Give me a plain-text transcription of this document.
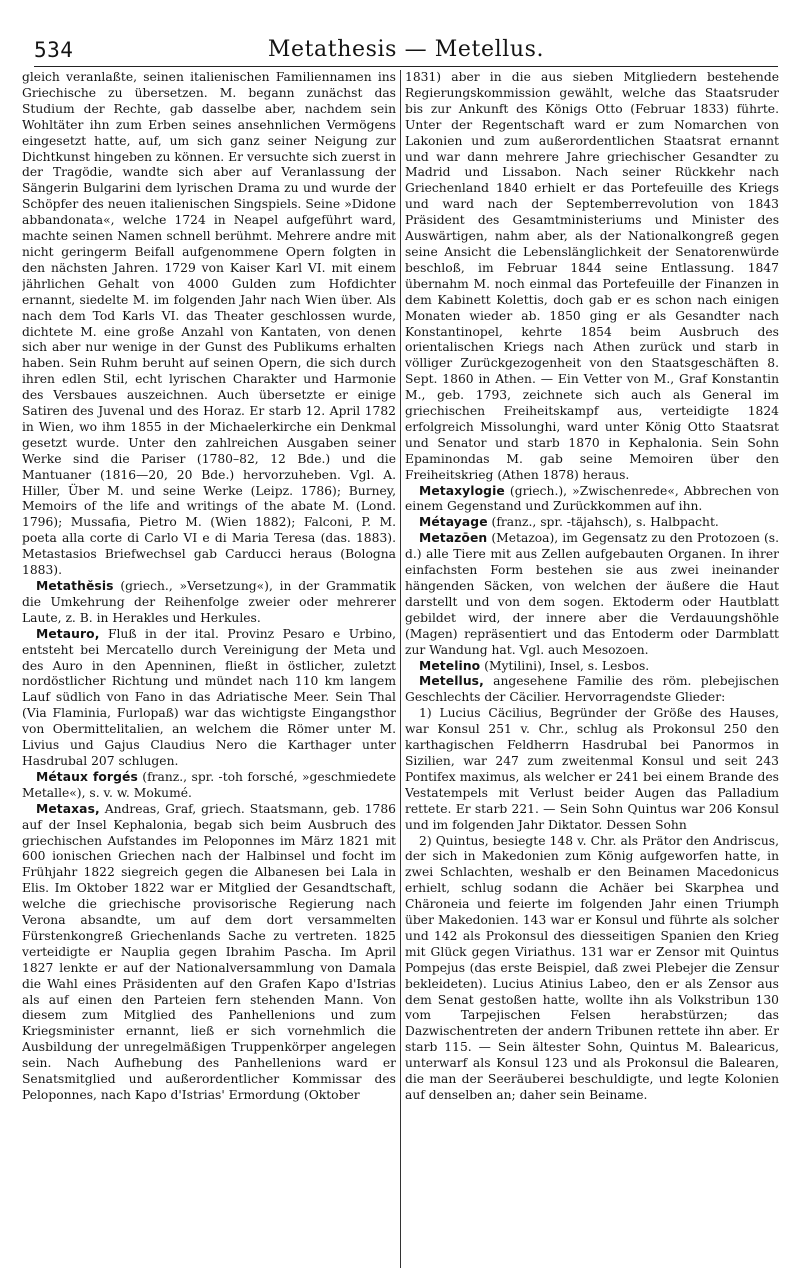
534	Metathesis — Metellus.

gleich veranlaßte, seinen italienischen Familiennamen ins Griechische zu übersetzen. M. begann zunächst das Studium der Rechte, gab dasselbe aber, nachdem sein Wohltäter ihn zum Erben seines ansehnlichen Vermögens eingesetzt hatte, auf, um sich ganz seiner Neigung zur Dichtkunst hingeben zu können. Er versuchte sich zuerst in der Tragödie, wandte sich aber auf Veranlassung der Sängerin Bulgarini dem lyrischen Drama zu und wurde der Schöpfer des neuen italienischen Singspiels. Seine »Didone abbandonata«, welche 1724 in Neapel aufgeführt ward, machte seinen Namen schnell berühmt. Mehrere andre mit nicht geringerm Beifall aufgenommene Opern folgten in den nächsten Jahren. 1729 von Kaiser Karl VI. mit einem jährlichen Gehalt von 4000 Gulden zum Hofdichter ernannt, siedelte M. im folgenden Jahr nach Wien über. Als nach dem Tod Karls VI. das Theater geschlossen wurde, dichtete M. eine große Anzahl von Kantaten, von denen sich aber nur wenige in der Gunst des Publikums erhalten haben. Sein Ruhm beruht auf seinen Opern, die sich durch ihren edlen Stil, echt lyrischen Charakter und Harmonie des Versbaues auszeichnen. Auch übersetzte er einige Satiren des Juvenal und des Horaz. Er starb 12. April 1782 in Wien, wo ihm 1855 in der Michaelerkirche ein Denkmal gesetzt wurde. Unter den zahlreichen Ausgaben seiner Werke sind die Pariser (1780–82, 12 Bde.) und die Mantuaner (1816—20, 20 Bde.) hervorzuheben. Vgl. A. Hiller, Über M. und seine Werke (Leipz. 1786); Burney, Memoirs of the life and writings of the abate M. (Lond. 1796); Mussafia, Pietro M. (Wien 1882); Falconi, P. M. poeta alla corte di Carlo VI e di Maria Teresa (das. 1883). Metastasios Briefwechsel gab Carducci heraus (Bologna 1883).

Metathĕsis (griech., »Versetzung«), in der Grammatik die Umkehrung der Reihenfolge zweier oder mehrerer Laute, z. B. in Herakles und Herkules.

Metauro, Fluß in der ital. Provinz Pesaro e Urbino, entsteht bei Mercatello durch Vereinigung der Meta und des Auro in den Apenninen, fließt in östlicher, zuletzt nordöstlicher Richtung und mündet nach 110 km langem Lauf südlich von Fano in das Adriatische Meer. Sein Thal (Via Flaminia, Furlopaß) war das wichtigste Eingangsthor von Obermittelitalien, an welchem die Römer unter M. Livius und Gajus Claudius Nero die Karthager unter Hasdrubal 207 schlugen.

Métaux forgés (franz., spr. -toh forsché, »geschmiedete Metalle«), s. v. w. Mokumé.

Metaxas, Andreas, Graf, griech. Staatsmann, geb. 1786 auf der Insel Kephalonia, begab sich beim Ausbruch des griechischen Aufstandes im Peloponnes im März 1821 mit 600 ionischen Griechen nach der Halbinsel und focht im Frühjahr 1822 siegreich gegen die Albanesen bei Lala in Elis. Im Oktober 1822 war er Mitglied der Gesandtschaft, welche die griechische provisorische Regierung nach Verona absandte, um auf dem dort versammelten Fürstenkongreß Griechenlands Sache zu vertreten. 1825 verteidigte er Nauplia gegen Ibrahim Pascha. Im April 1827 lenkte er auf der Nationalversammlung von Damala die Wahl eines Präsidenten auf den Grafen Kapo d'Istrias als auf einen den Parteien fern stehenden Mann. Von diesem zum Mitglied des Panhellenions und zum Kriegsminister ernannt, ließ er sich vornehmlich die Ausbildung der unregelmäßigen Truppenkörper angelegen sein. Nach Aufhebung des Panhellenions ward er Senatsmitglied und außerordentlicher Kommissar des Peloponnes, nach Kapo d'Istrias' Ermordung (Oktober

1831) aber in die aus sieben Mitgliedern bestehende Regierungskommission gewählt, welche das Staatsruder bis zur Ankunft des Königs Otto (Februar 1833) führte. Unter der Regentschaft ward er zum Nomarchen von Lakonien und zum außerordentlichen Staatsrat ernannt und war dann mehrere Jahre griechischer Gesandter zu Madrid und Lissabon. Nach seiner Rückkehr nach Griechenland 1840 erhielt er das Portefeuille des Kriegs und ward nach der Septemberrevolution von 1843 Präsident des Gesamtministeriums und Minister des Auswärtigen, nahm aber, als der Nationalkongreß gegen seine Ansicht die Lebenslänglichkeit der Senatorenwürde beschloß, im Februar 1844 seine Entlassung. 1847 übernahm M. noch einmal das Portefeuille der Finanzen in dem Kabinett Kolettis, doch gab er es schon nach einigen Monaten wieder ab. 1850 ging er als Gesandter nach Konstantinopel, kehrte 1854 beim Ausbruch des orientalischen Kriegs nach Athen zurück und starb in völliger Zurückgezogenheit von den Staatsgeschäften 8. Sept. 1860 in Athen. — Ein Vetter von M., Graf Konstantin M., geb. 1793, zeichnete sich auch als General im griechischen Freiheitskampf aus, verteidigte 1824 erfolgreich Missolunghi, ward unter König Otto Staatsrat und Senator und starb 1870 in Kephalonia. Sein Sohn Epaminondas M. gab seine Memoiren über den Freiheitskrieg (Athen 1878) heraus.

Metaxylogie (griech.), »Zwischenrede«, Abbrechen von einem Gegenstand und Zurückkommen auf ihn.

Métayage (franz., spr. -täjahsch), s. Halbpacht.

Metazōen (Metazoa), im Gegensatz zu den Protozoen (s. d.) alle Tiere mit aus Zellen aufgebauten Organen. In ihrer einfachsten Form bestehen sie aus zwei ineinander hängenden Säcken, von welchen der äußere die Haut darstellt und von dem sogen. Ektoderm oder Hautblatt gebildet wird, der innere aber die Verdauungshöhle (Magen) repräsentiert und das Entoderm oder Darmblatt zur Wandung hat. Vgl. auch Mesozoen.

Metelino (Mytilini), Insel, s. Lesbos.

Metellus, angesehene Familie des röm. plebejischen Geschlechts der Cäcilier. Hervorragendste Glieder:

1) Lucius Cäcilius, Begründer der Größe des Hauses, war Konsul 251 v. Chr., schlug als Prokonsul 250 den karthagischen Feldherrn Hasdrubal bei Panormos in Sizilien, war 247 zum zweitenmal Konsul und seit 243 Pontifex maximus, als welcher er 241 bei einem Brande des Vestatempels mit Verlust beider Augen das Palladium rettete. Er starb 221. — Sein Sohn Quintus war 206 Konsul und im folgenden Jahr Diktator. Dessen Sohn

2) Quintus, besiegte 148 v. Chr. als Prätor den Andriscus, der sich in Makedonien zum König aufgeworfen hatte, in zwei Schlachten, weshalb er den Beinamen Macedonicus erhielt, schlug sodann die Achäer bei Skarphea und Chäroneia und feierte im folgenden Jahr einen Triumph über Makedonien. 143 war er Konsul und führte als solcher und 142 als Prokonsul des diesseitigen Spanien den Krieg mit Glück gegen Viriathus. 131 war er Zensor mit Quintus Pompejus (das erste Beispiel, daß zwei Plebejer die Zensur bekleideten). Lucius Atinius Labeo, den er als Zensor aus dem Senat gestoßen hatte, wollte ihn als Volkstribun 130 vom Tarpejischen Felsen herabstürzen; das Dazwischentreten der andern Tribunen rettete ihn aber. Er starb 115. — Sein ältester Sohn, Quintus M. Balearicus, unterwarf als Konsul 123 und als Prokonsul die Balearen, die man der Seeräuberei beschuldigte, und legte Kolonien auf denselben an; daher sein Beiname.
